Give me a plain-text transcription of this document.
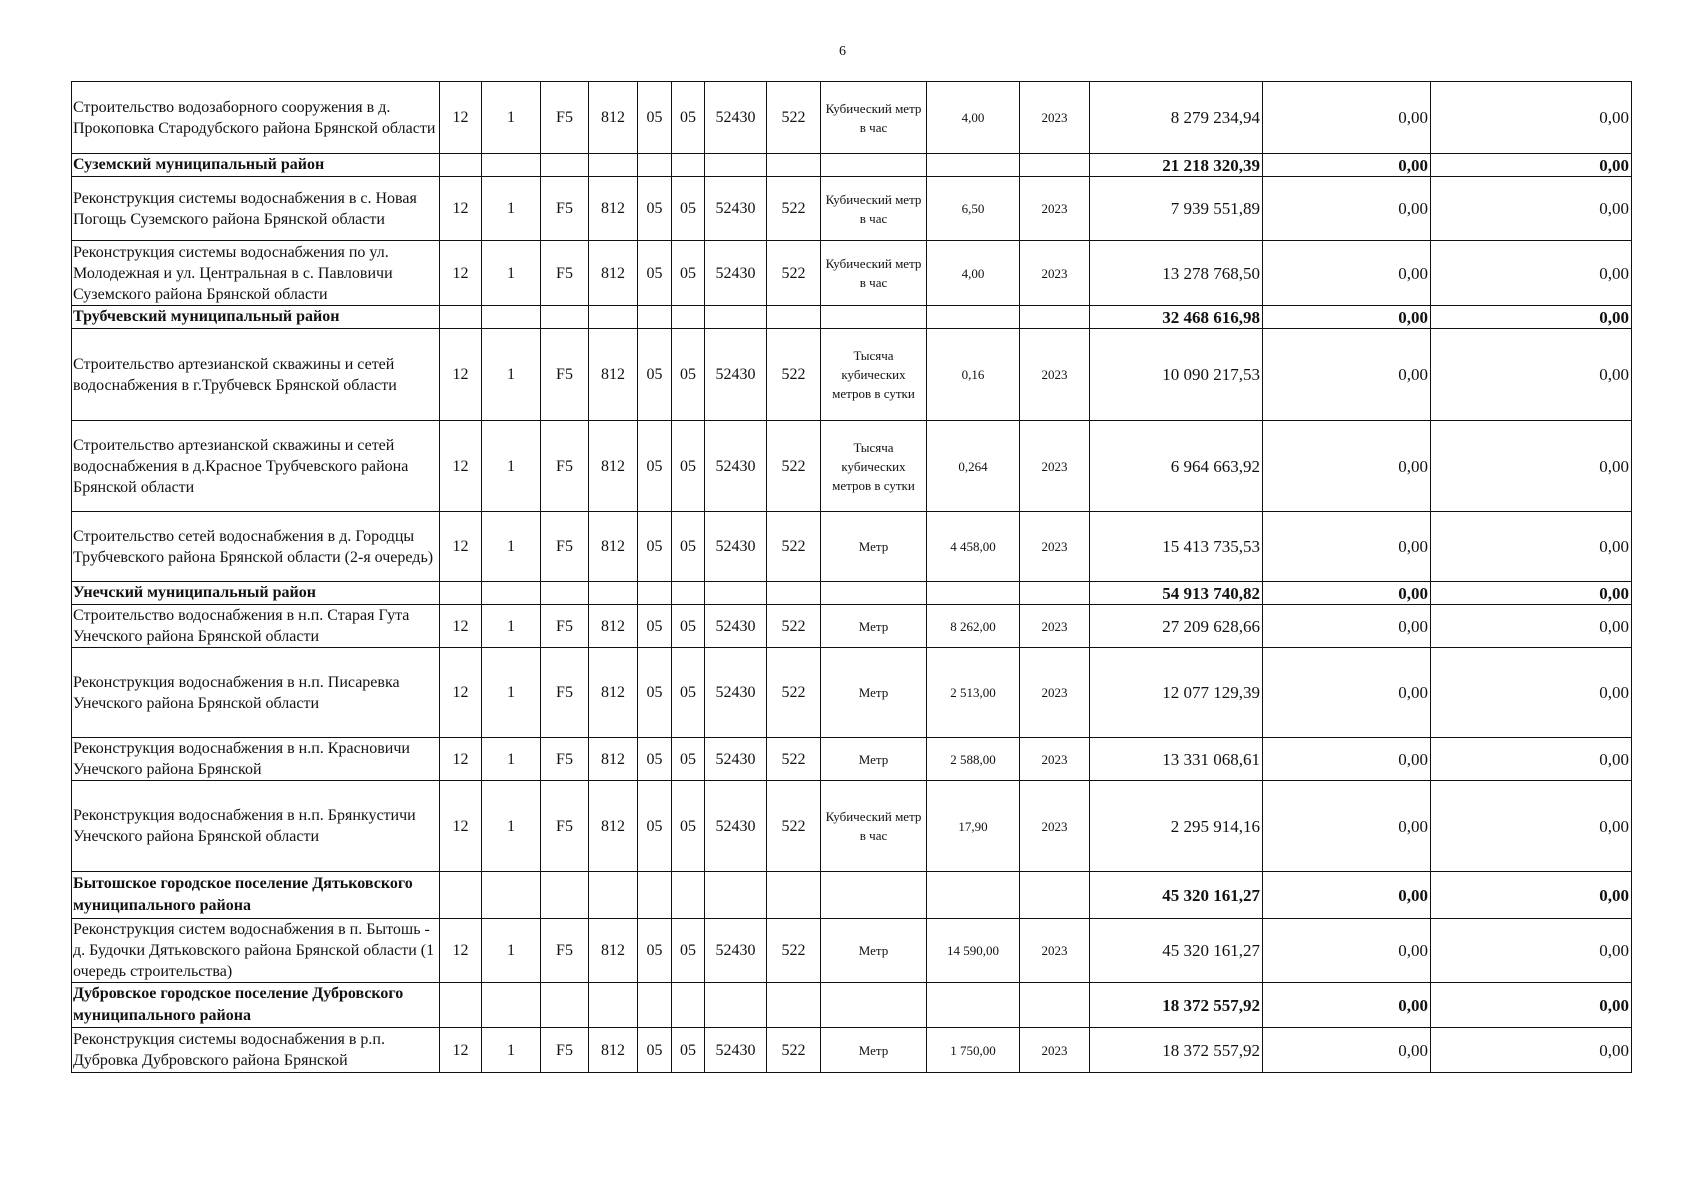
6
Строительство водозаборного сооружения в д. Прокоповка Стародубского района Брянской области	12	1	F5	812	05	05	52430	522	Кубический метр в час	4,00	2023	8 279 234,94	0,00	0,00
Суземский муниципальный район												21 218 320,39	0,00	0,00
Реконструкция системы водоснабжения в с. Новая Погощь Суземского района Брянской области	12	1	F5	812	05	05	52430	522	Кубический метр в час	6,50	2023	7 939 551,89	0,00	0,00
Реконструкция системы водоснабжения по ул. Молодежная и ул. Центральная в с. Павловичи Суземского района Брянской области	12	1	F5	812	05	05	52430	522	Кубический метр в час	4,00	2023	13 278 768,50	0,00	0,00
Трубчевский муниципальный район												32 468 616,98	0,00	0,00
Строительство артезианской скважины и сетей водоснабжения в г.Трубчевск Брянской области	12	1	F5	812	05	05	52430	522	Тысяча кубических метров в сутки	0,16	2023	10 090 217,53	0,00	0,00
Строительство артезианской скважины и сетей водоснабжения в д.Красное Трубчевского района Брянской области	12	1	F5	812	05	05	52430	522	Тысяча кубических метров в сутки	0,264	2023	6 964 663,92	0,00	0,00
Строительство сетей водоснабжения в д. Городцы Трубчевского района Брянской области (2-я очередь)	12	1	F5	812	05	05	52430	522	Метр	4 458,00	2023	15 413 735,53	0,00	0,00
Унечский муниципальный район												54 913 740,82	0,00	0,00
Строительство водоснабжения в н.п. Старая Гута Унечского района Брянской области	12	1	F5	812	05	05	52430	522	Метр	8 262,00	2023	27 209 628,66	0,00	0,00
Реконструкция водоснабжения в н.п. Писаревка Унечского района Брянской области	12	1	F5	812	05	05	52430	522	Метр	2 513,00	2023	12 077 129,39	0,00	0,00
Реконструкция водоснабжения в н.п. Красновичи Унечского района Брянской	12	1	F5	812	05	05	52430	522	Метр	2 588,00	2023	13 331 068,61	0,00	0,00
Реконструкция водоснабжения в н.п. Брянкустичи Унечского района Брянской области	12	1	F5	812	05	05	52430	522	Кубический метр в час	17,90	2023	2 295 914,16	0,00	0,00
Бытошское городское поселение Дятьковского муниципального района												45 320 161,27	0,00	0,00
Реконструкция систем водоснабжения в п. Бытошь - д. Будочки Дятьковского района Брянской области (1 очередь строительства)	12	1	F5	812	05	05	52430	522	Метр	14 590,00	2023	45 320 161,27	0,00	0,00
Дубровское городское поселение Дубровского муниципального района												18 372 557,92	0,00	0,00
Реконструкция системы водоснабжения в р.п. Дубровка Дубровского района Брянской	12	1	F5	812	05	05	52430	522	Метр	1 750,00	2023	18 372 557,92	0,00	0,00
